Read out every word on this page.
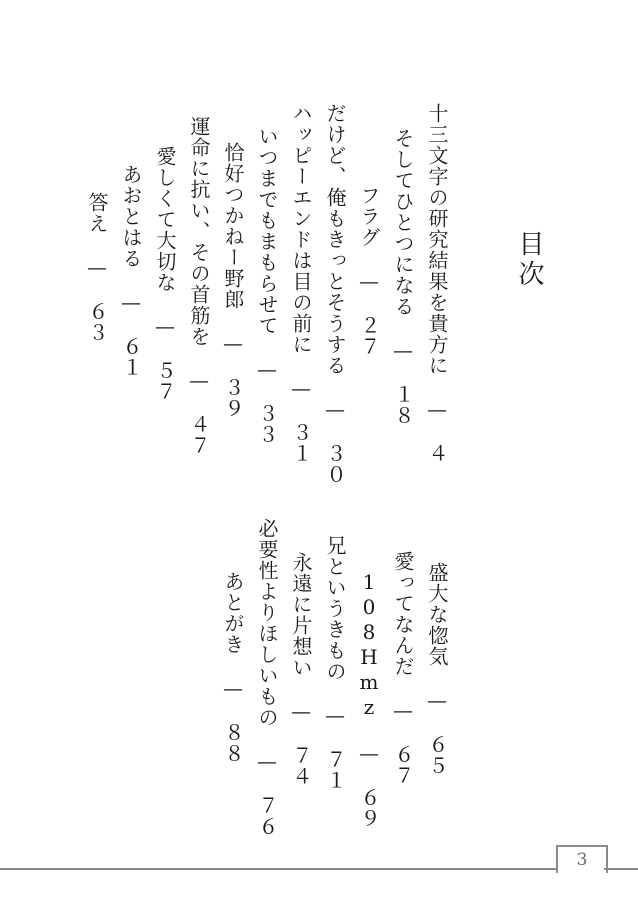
目次
十三文字の研究結果を貴方に　—　４
そしてひとつになる　—　１８
フラグ　—　２７
だけど、俺もきっとそうする　—　３０
ハッピーエンドは目の前に　—　３１
いつまでもまもらせて　—　３３
恰好つかねー野郎　—　３９
運命に抗い、その首筋を　—　４７
愛しくて大切な　—　５７
あおとはる　—　６１
答え　—　６３
盛大な惚気　—　６５
愛ってなんだ　—　６７
108Hmz　—　６９
兄というきもの　—　７１
永遠に片想い　—　７４
必要性よりほしいもの　—　７６
あとがき　—　８８
3
